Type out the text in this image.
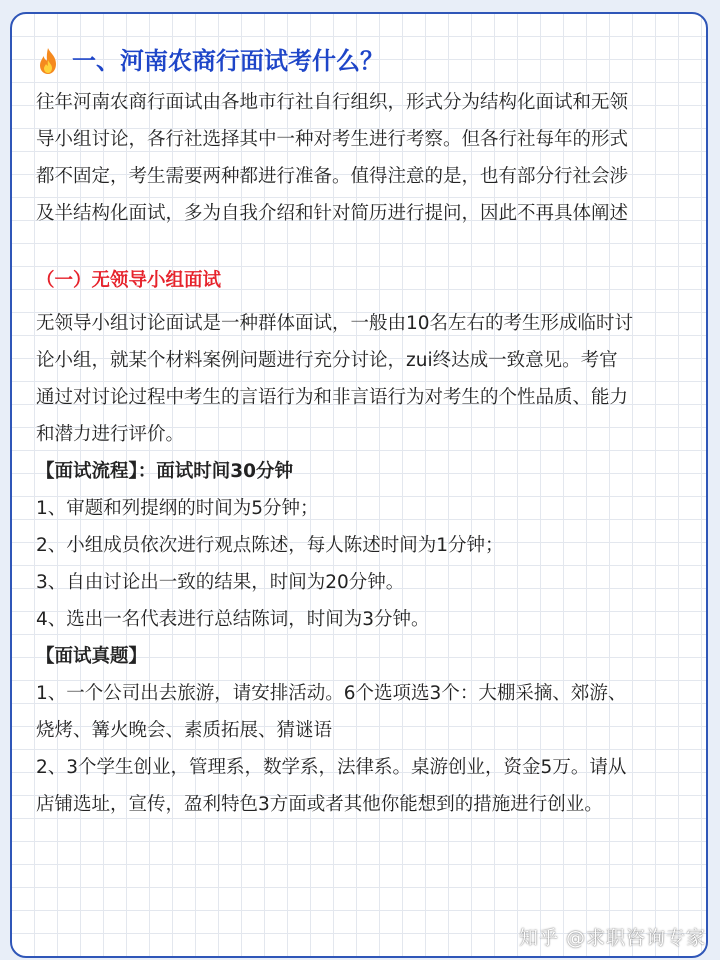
一、河南农商行面试考什么？
往年河南农商行面试由各地市行社自行组织，形式分为结构化面试和无领
导小组讨论，各行社选择其中一种对考生进行考察。但各行社每年的形式
都不固定，考生需要两种都进行准备。值得注意的是，也有部分行社会涉
及半结构化面试，多为自我介绍和针对简历进行提问，因此不再具体阐述
（一）无领导小组面试
无领导小组讨论面试是一种群体面试，一般由10名左右的考生形成临时讨
论小组，就某个材料案例问题进行充分讨论，zui终达成一致意见。考官
通过对讨论过程中考生的言语行为和非言语行为对考生的个性品质、能力
和潜力进行评价。
【面试流程】：面试时间30分钟
1、审题和列提纲的时间为5分钟；
2、小组成员依次进行观点陈述，每人陈述时间为1分钟；
3、自由讨论出一致的结果，时间为20分钟。
4、选出一名代表进行总结陈词，时间为3分钟。
【面试真题】
1、一个公司出去旅游，请安排活动。6个选项选3个：大棚采摘、郊游、
烧烤、篝火晚会、素质拓展、猜谜语
2、3个学生创业，管理系，数学系，法律系。桌游创业，资金5万。请从
店铺选址，宣传，盈利特色3方面或者其他你能想到的措施进行创业。
知乎 @求职咨询专家
